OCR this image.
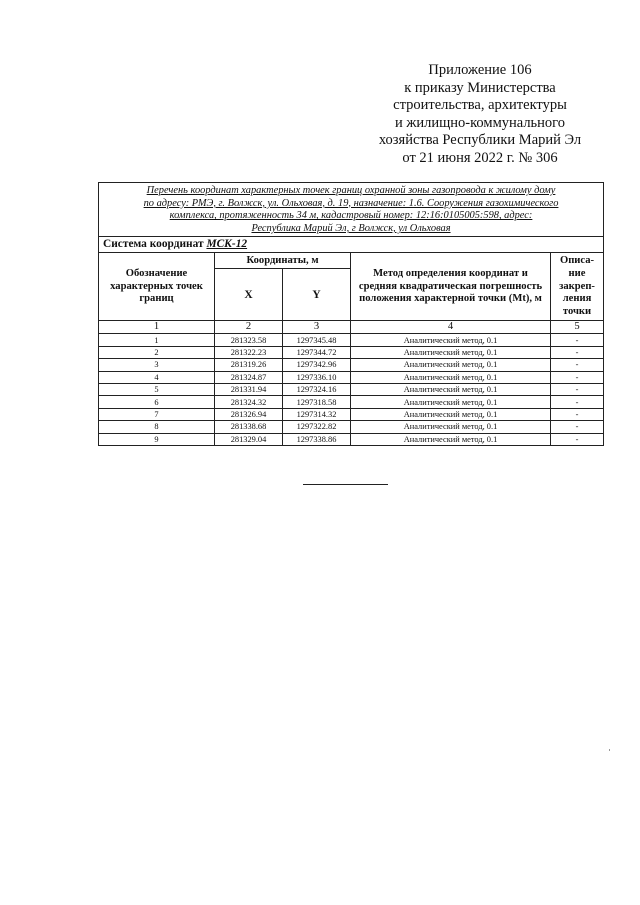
Приложение 106
к приказу Министерства
строительства, архитектуры
и жилищно-коммунального
хозяйства Республики Марий Эл
от 21 июня 2022 г. № 306
Перечень координат характерных точек границ охранной зоны газопровода к жилому дому
по адресу: РМЭ, г. Волжск, ул. Ольховая, д. 19, назначение: 1.6. Сооружения газохимического
комплекса, протяженность 34 м, кадастровый номер: 12:16:0105005:598, адрес:
Республика Марий Эл, г Волжск, ул Ольховая				

Система координат МСК-12				
Обозначение характерных точек границ	Координаты, м		Метод определения координат и средняя квадратическая погрешность положения характерной точки (Mt), м	Описа-ние закреп-ления точки
	X	Y		
1	2	3	4	5
1	281323.58	1297345.48	Аналитический метод, 0.1	-
2	281322.23	1297344.72	Аналитический метод, 0.1	-
3	281319.26	1297342.96	Аналитический метод, 0.1	-
4	281324.87	1297336.10	Аналитический метод, 0.1	-
5	281331.94	1297324.16	Аналитический метод, 0.1	-
6	281324.32	1297318.58	Аналитический метод, 0.1	-
7	281326.94	1297314.32	Аналитический метод, 0.1	-
8	281338.68	1297322.82	Аналитический метод, 0.1	-
9	281329.04	1297338.86	Аналитический метод, 0.1	-
